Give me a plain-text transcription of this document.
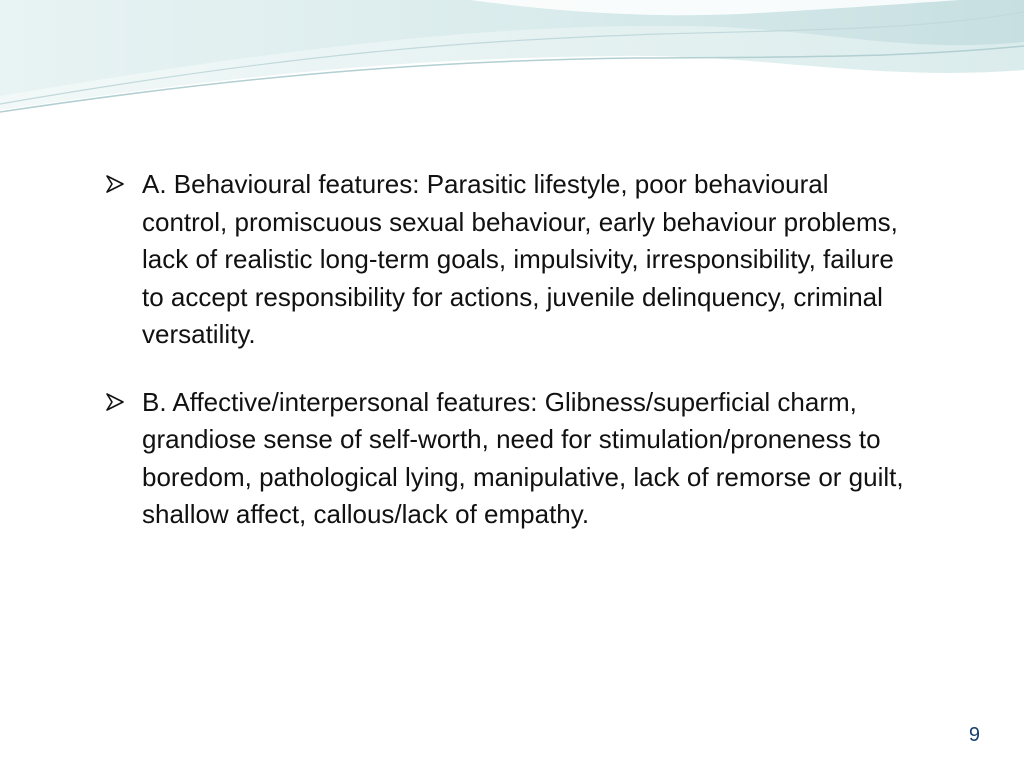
A. Behavioural features: Parasitic lifestyle, poor behavioural control, promiscuous sexual behaviour, early behaviour problems, lack of realistic long-term goals, impulsivity, irresponsibility, failure to accept responsibility for actions, juvenile delinquency, criminal versatility.
B. Affective/interpersonal features: Glibness/superficial charm, grandiose sense of self-worth, need for stimulation/proneness to boredom, pathological lying, manipulative, lack of remorse or guilt, shallow affect, callous/lack of empathy.
9
